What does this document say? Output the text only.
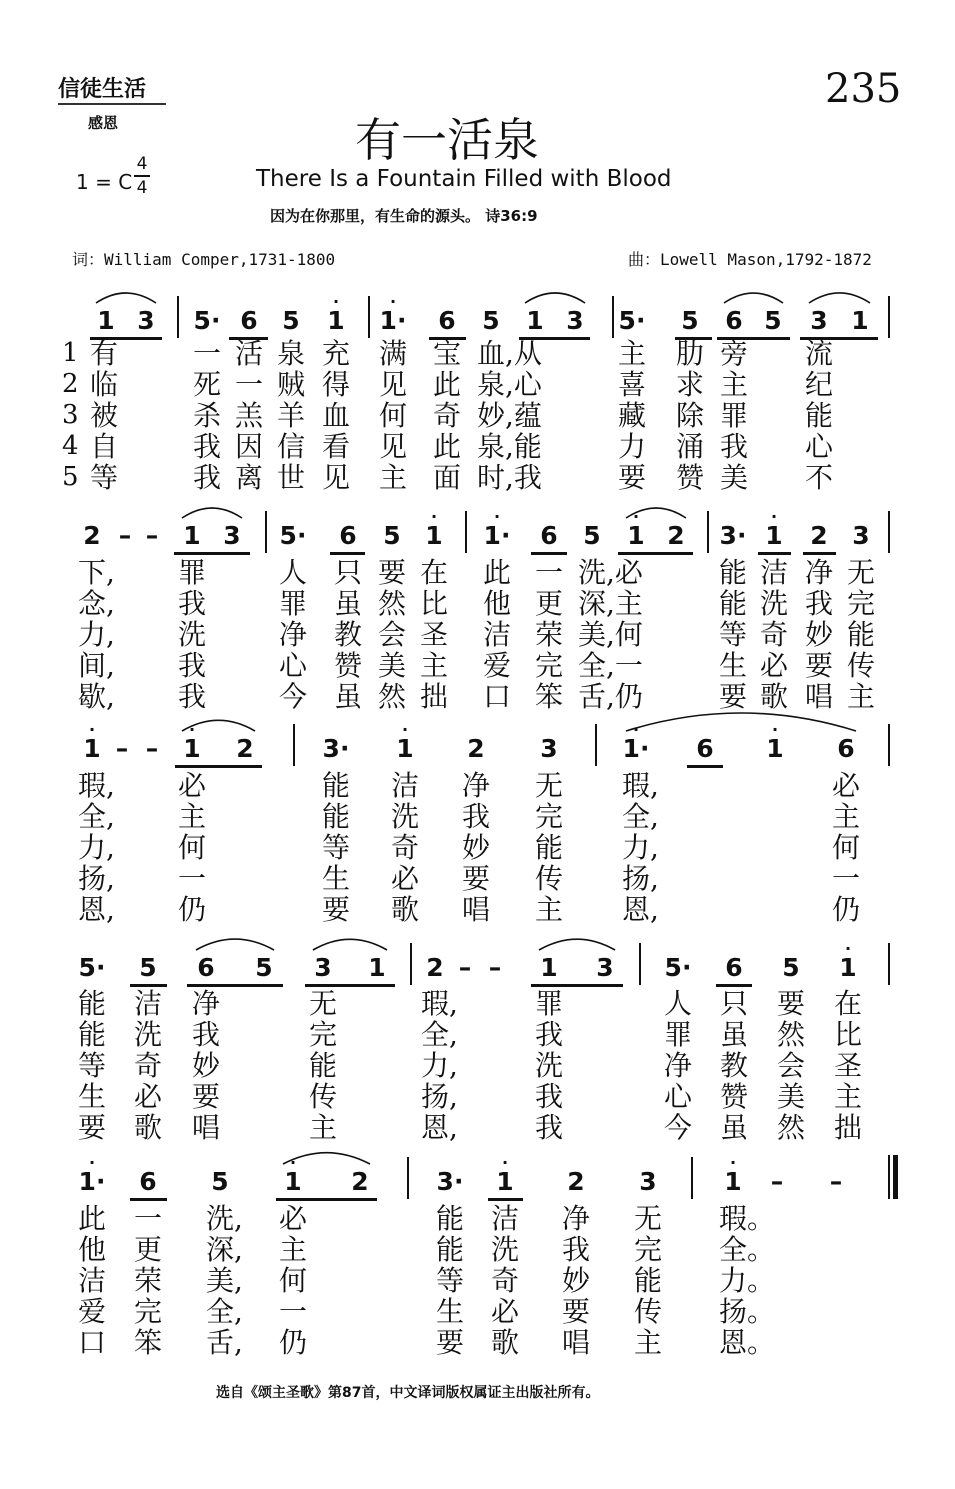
信徒生活
感恩
235
有一活泉
1 = C
4
4	There Is a Fountain Filled with Blood
因为在你那里，有生命的源头。 诗36:9
词：William Comper,1731-1800	曲：Lowell Mason,1792-1872
1 3 5· 6 5
·
1
·
1· 6 5 1 3 5· 5 6 5 3 1
1
2
3
4
5
有	一 活 泉 充 满 宝 血,从	主 肋 旁 流
临	死 一 贼 得 见 此 泉,心	喜 求 主 纪
被	杀 羔 羊 血 何 奇 妙,蕴	藏 除 罪 能
自	我 因 信 看 见 此 泉,能	力 涌 我 心
等	我 离 世 见 主 面 时,我	要 赞 美 不
2 – –	1 3 5· 6 5
·
1
·
1· 6 5
·
1 2 3·
·
1 2 3
下, 罪	人 只 要 在 此 一 洗,必	能 洁 净 无
念, 我	罪 虽 然 比 他 更 深,主	能 洗 我 完
力, 洗	净 教 会 圣 洁 荣 美,何	等 奇 妙 能
间, 我	心 赞 美 主 爱 完 全,一	生 必 要 传
歇, 我	今 虽 然 拙 口 笨 舌,仍	要 歌 唱 主
·
1 – –
·
1 2	3·
·
1 2 3
·
1· 6
·
1 6
瑕, 必	能 洁 净 无 瑕,	必
全, 主	能 洗 我 完 全,	主
力, 何	等 奇 妙 能 力,	何
扬, 一	生 必 要 传 扬,	一
恩, 仍	要 歌 唱 主 恩,	仍
5· 5 6 5 3 1 2 – –	1 3 5· 6 5
·
1
能 洁 净	无	瑕,	罪	人 只 要 在
能 洗 我	完	全,	我	罪 虽 然 比
等 奇 妙	能	力,	洗	净 教 会 圣
生 必 要	传	扬,	我	心 赞 美 主
要 歌 唱	主	恩,	我	今 虽 然 拙
·
1· 6 5
·
1 2	3·
·
1 2 3
·
1	–	–
此 一 洗, 必	能 洁 净 无 瑕。
他 更 深, 主	能 洗 我 完 全。
洁 荣 美, 何	等 奇 妙 能 力。
爱 完 全, 一	生 必 要 传 扬。
口 笨 舌, 仍	要 歌 唱 主 恩。
选自《颂主圣歌》第87首，中文译词版权属证主出版社所有。
